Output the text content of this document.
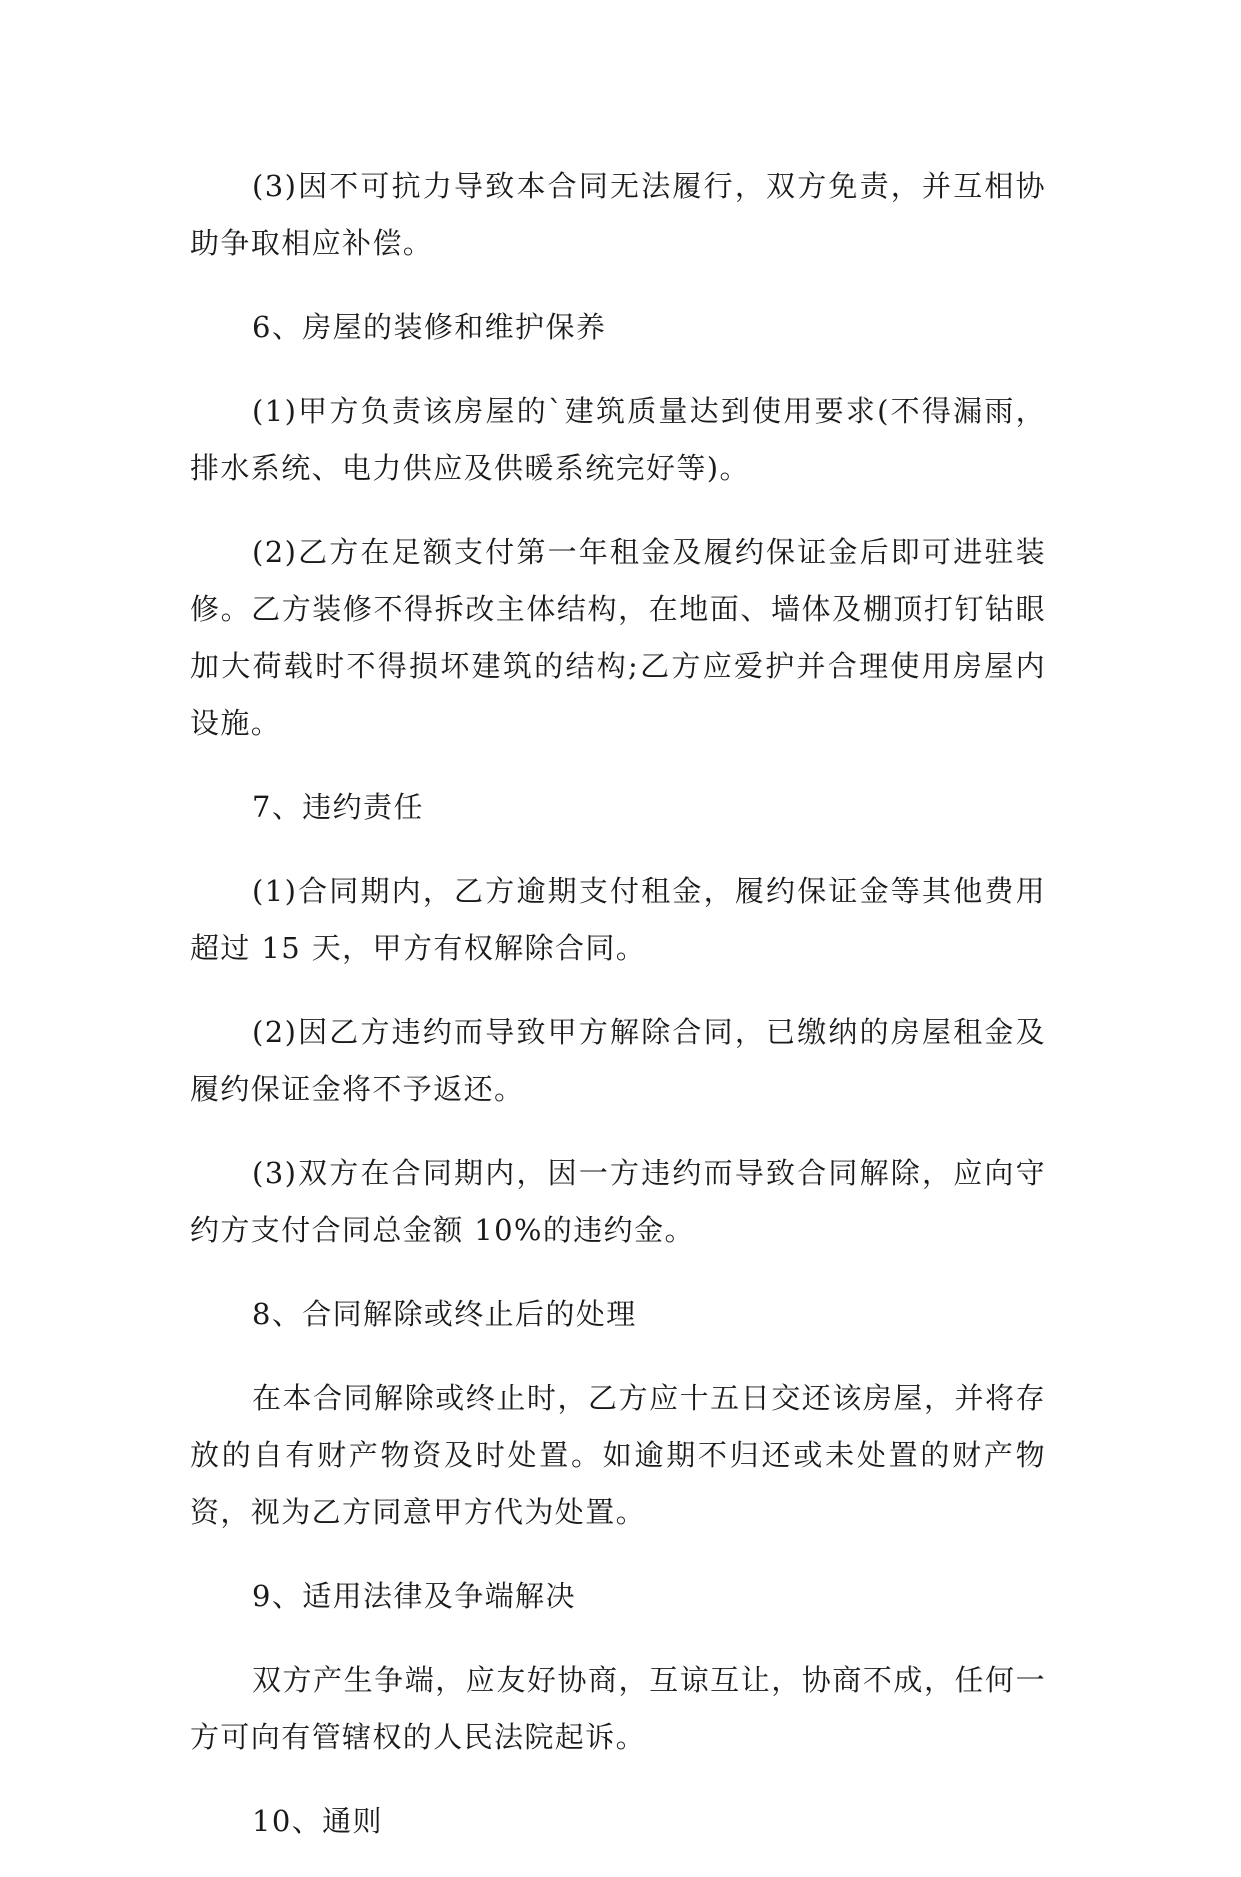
(3)因不可抗力导致本合同无法履行，双方免责，并互相协助争取相应补偿。

6、房屋的装修和维护保养

(1)甲方负责该房屋的`建筑质量达到使用要求(不得漏雨，排水系统、电力供应及供暖系统完好等)。

(2)乙方在足额支付第一年租金及履约保证金后即可进驻装修。乙方装修不得拆改主体结构，在地面、墙体及棚顶打钉钻眼加大荷载时不得损坏建筑的结构;乙方应爱护并合理使用房屋内设施。

7、违约责任

(1)合同期内，乙方逾期支付租金，履约保证金等其他费用超过 15 天，甲方有权解除合同。

(2)因乙方违约而导致甲方解除合同，已缴纳的房屋租金及履约保证金将不予返还。

(3)双方在合同期内，因一方违约而导致合同解除，应向守约方支付合同总金额 10%的违约金。

8、合同解除或终止后的处理

在本合同解除或终止时，乙方应十五日交还该房屋，并将存放的自有财产物资及时处置。如逾期不归还或未处置的财产物资，视为乙方同意甲方代为处置。

9、适用法律及争端解决

双方产生争端，应友好协商，互谅互让，协商不成，任何一方可向有管辖权的人民法院起诉。

10、通则
